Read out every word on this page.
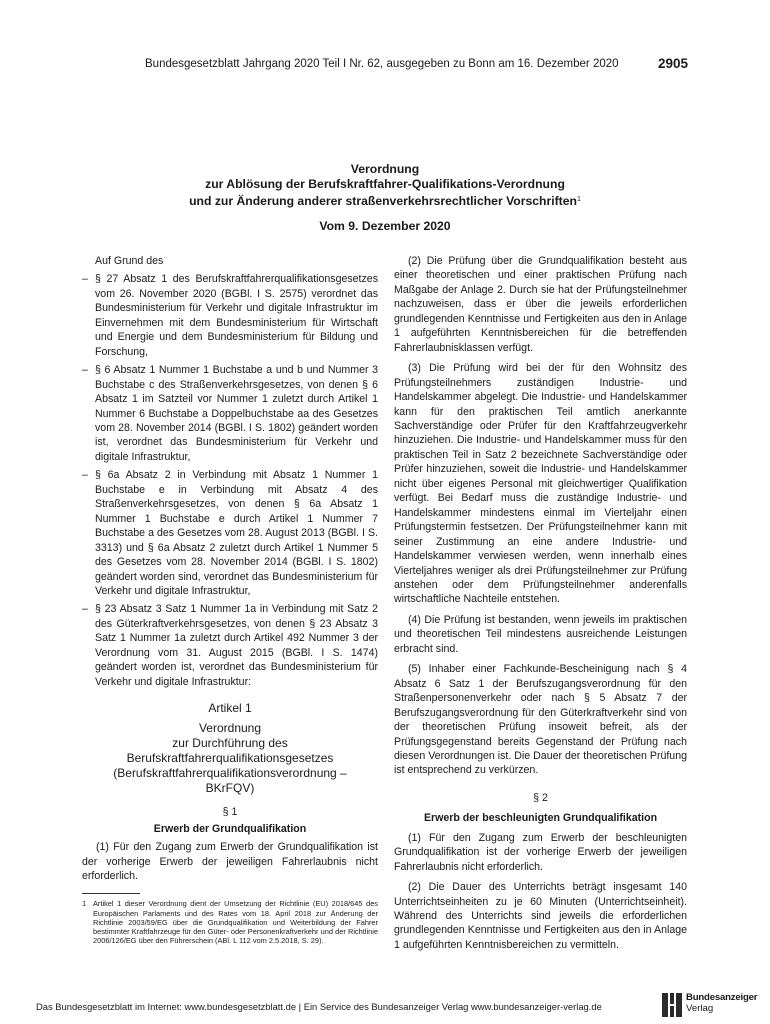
Bundesgesetzblatt Jahrgang 2020 Teil I Nr. 62, ausgegeben zu Bonn am 16. Dezember 2020	2905
Verordnung
zur Ablösung der Berufskraftfahrer-Qualifikations-Verordnung
und zur Änderung anderer straßenverkehrsrechtlicher Vorschriften$^1$
Vom 9. Dezember 2020

Auf Grund des

– § 27 Absatz 1 des Berufskraftfahrerqualifikationsgesetzes vom 26. November 2020 (BGBl. I S. 2575) verordnet das Bundesministerium für Verkehr und digitale Infrastruktur im Einvernehmen mit dem Bundesministerium für Wirtschaft und Energie und dem Bundesministerium für Bildung und Forschung,

– § 6 Absatz 1 Nummer 1 Buchstabe a und b und Nummer 3 Buchstabe c des Straßenverkehrsgesetzes, von denen § 6 Absatz 1 im Satzteil vor Nummer 1 zuletzt durch Artikel 1 Nummer 6 Buchstabe a Doppelbuchstabe aa des Gesetzes vom 28. November 2014 (BGBl. I S. 1802) geändert worden ist, verordnet das Bundesministerium für Verkehr und digitale Infrastruktur,

– § 6a Absatz 2 in Verbindung mit Absatz 1 Nummer 1 Buchstabe e in Verbindung mit Absatz 4 des Straßenverkehrsgesetzes, von denen § 6a Absatz 1 Nummer 1 Buchstabe e durch Artikel 1 Nummer 7 Buchstabe a des Gesetzes vom 28. August 2013 (BGBl. I S. 3313) und § 6a Absatz 2 zuletzt durch Artikel 1 Nummer 5 des Gesetzes vom 28. November 2014 (BGBl. I S. 1802) geändert worden sind, verordnet das Bundesministerium für Verkehr und digitale Infrastruktur,

– § 23 Absatz 3 Satz 1 Nummer 1a in Verbindung mit Satz 2 des Güterkraftverkehrsgesetzes, von denen § 23 Absatz 3 Satz 1 Nummer 1a zuletzt durch Artikel 492 Nummer 3 der Verordnung vom 31. August 2015 (BGBl. I S. 1474) geändert worden ist, verordnet das Bundesministerium für Verkehr und digitale Infrastruktur:

Artikel 1

Verordnung

zur Durchführung des

Berufskraftfahrerqualifikationsgesetzes

(Berufskraftfahrerqualifikationsverordnung –

BKrFQV)

§ 1

Erwerb der Grundqualifikation

(1) Für den Zugang zum Erwerb der Grundqualifikation ist der vorherige Erwerb der jeweiligen Fahrerlaubnis nicht erforderlich.

1 Artikel 1 dieser Verordnung dient der Umsetzung der Richtlinie (EU) 2018/645 des Europäischen Parlaments und des Rates vom 18. April 2018 zur Änderung der Richtlinie 2003/59/EG über die Grundqualifikation und Weiterbildung der Fahrer bestimmter Kraftfahrzeuge für den Güter- oder Personenkraftverkehr und der Richtlinie 2006/126/EG über den Führerschein (ABl. L 112 vom 2.5.2018, S. 29).

(2) Die Prüfung über die Grundqualifikation besteht aus einer theoretischen und einer praktischen Prüfung nach Maßgabe der Anlage 2. Durch sie hat der Prüfungsteilnehmer nachzuweisen, dass er über die jeweils erforderlichen grundlegenden Kenntnisse und Fertigkeiten aus den in Anlage 1 aufgeführten Kenntnisbereichen für die betreffenden Fahrerlaubnisklassen verfügt.

(3) Die Prüfung wird bei der für den Wohnsitz des Prüfungsteilnehmers zuständigen Industrie- und Handelskammer abgelegt. Die Industrie- und Handelskammer kann für den praktischen Teil amtlich anerkannte Sachverständige oder Prüfer für den Kraftfahrzeugverkehr hinzuziehen. Die Industrie- und Handelskammer muss für den praktischen Teil in Satz 2 bezeichnete Sachverständige oder Prüfer hinzuziehen, soweit die Industrie- und Handelskammer nicht über eigenes Personal mit gleichwertiger Qualifikation verfügt. Bei Bedarf muss die zuständige Industrie- und Handelskammer mindestens einmal im Vierteljahr einen Prüfungstermin festsetzen. Der Prüfungsteilnehmer kann mit seiner Zustimmung an eine andere Industrie- und Handelskammer verwiesen werden, wenn innerhalb eines Vierteljahres weniger als drei Prüfungsteilnehmer zur Prüfung anstehen oder dem Prüfungsteilnehmer anderenfalls wirtschaftliche Nachteile entstehen.

(4) Die Prüfung ist bestanden, wenn jeweils im praktischen und theoretischen Teil mindestens ausreichende Leistungen erbracht sind.

(5) Inhaber einer Fachkunde-Bescheinigung nach § 4 Absatz 6 Satz 1 der Berufszugangsverordnung für den Straßenpersonenverkehr oder nach § 5 Absatz 7 der Berufszugangsverordnung für den Güterkraftverkehr sind von der theoretischen Prüfung insoweit befreit, als der Prüfungsgegenstand bereits Gegenstand der Prüfung nach diesen Verordnungen ist. Die Dauer der theoretischen Prüfung ist entsprechend zu verkürzen.

§ 2

Erwerb der beschleunigten Grundqualifikation

(1) Für den Zugang zum Erwerb der beschleunigten Grundqualifikation ist der vorherige Erwerb der jeweiligen Fahrerlaubnis nicht erforderlich.

(2) Die Dauer des Unterrichts beträgt insgesamt 140 Unterrichtseinheiten zu je 60 Minuten (Unterrichtseinheit). Während des Unterrichts sind jeweils die erforderlichen grundlegenden Kenntnisse und Fertigkeiten aus den in Anlage 1 aufgeführten Kenntnisbereichen zu vermitteln.

Das Bundesgesetzblatt im Internet: www.bundesgesetzblatt.de | Ein Service des Bundesanzeiger Verlag www.bundesanzeiger-verlag.de
Bundesanzeiger
Verlag
